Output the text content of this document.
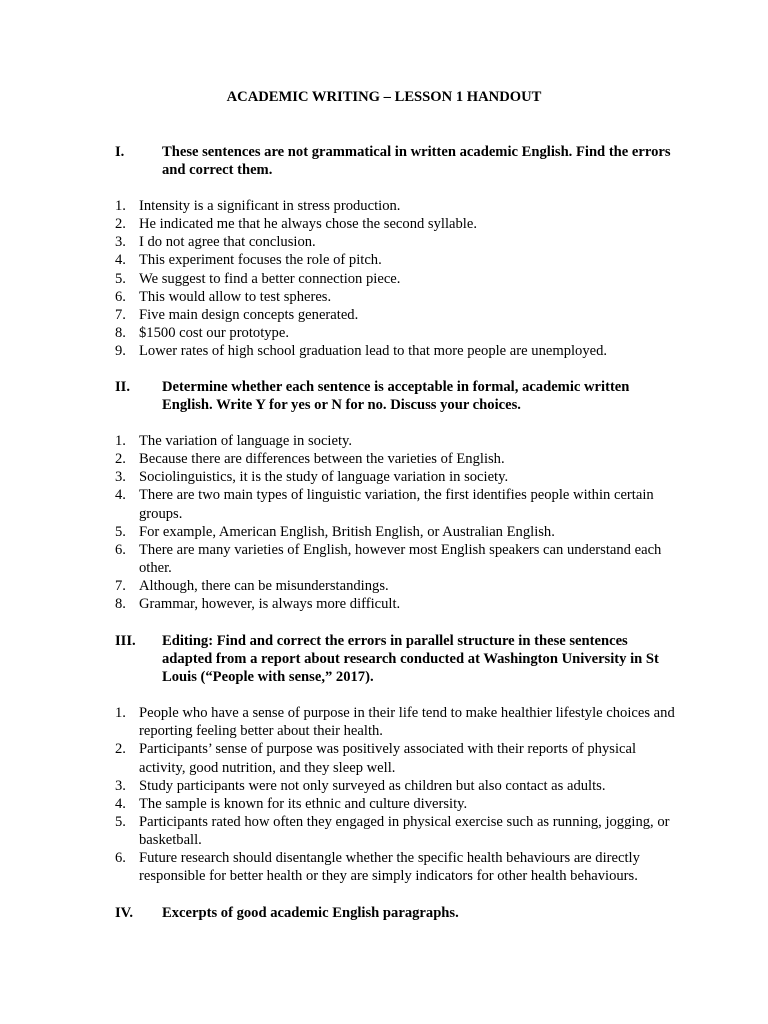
ACADEMIC WRITING – LESSON 1 HANDOUT
I.	These sentences are not grammatical in written academic English. Find the errors and correct them.
1. Intensity is a significant in stress production.
2. He indicated me that he always chose the second syllable.
3. I do not agree that conclusion.
4. This experiment focuses the role of pitch.
5. We suggest to find a better connection piece.
6. This would allow to test spheres.
7. Five main design concepts generated.
8. $1500 cost our prototype.
9. Lower rates of high school graduation lead to that more people are unemployed.
II. Determine whether each sentence is acceptable in formal, academic written English. Write Y for yes or N for no. Discuss your choices.
1. The variation of language in society.
2. Because there are differences between the varieties of English.
3. Sociolinguistics, it is the study of language variation in society.
4. There are two main types of linguistic variation, the first identifies people within certain groups.
5. For example, American English, British English, or Australian English.
6. There are many varieties of English, however most English speakers can understand each other.
7. Although, there can be misunderstandings.
8. Grammar, however, is always more difficult.
III. Editing: Find and correct the errors in parallel structure in these sentences adapted from a report about research conducted at Washington University in St Louis (“People with sense,” 2017).
1. People who have a sense of purpose in their life tend to make healthier lifestyle choices and reporting feeling better about their health.
2. Participants’ sense of purpose was positively associated with their reports of physical activity, good nutrition, and they sleep well.
3. Study participants were not only surveyed as children but also contact as adults.
4. The sample is known for its ethnic and culture diversity.
5. Participants rated how often they engaged in physical exercise such as running, jogging, or basketball.
6. Future research should disentangle whether the specific health behaviours are directly responsible for better health or they are simply indicators for other health behaviours.
IV. Excerpts of good academic English paragraphs.
